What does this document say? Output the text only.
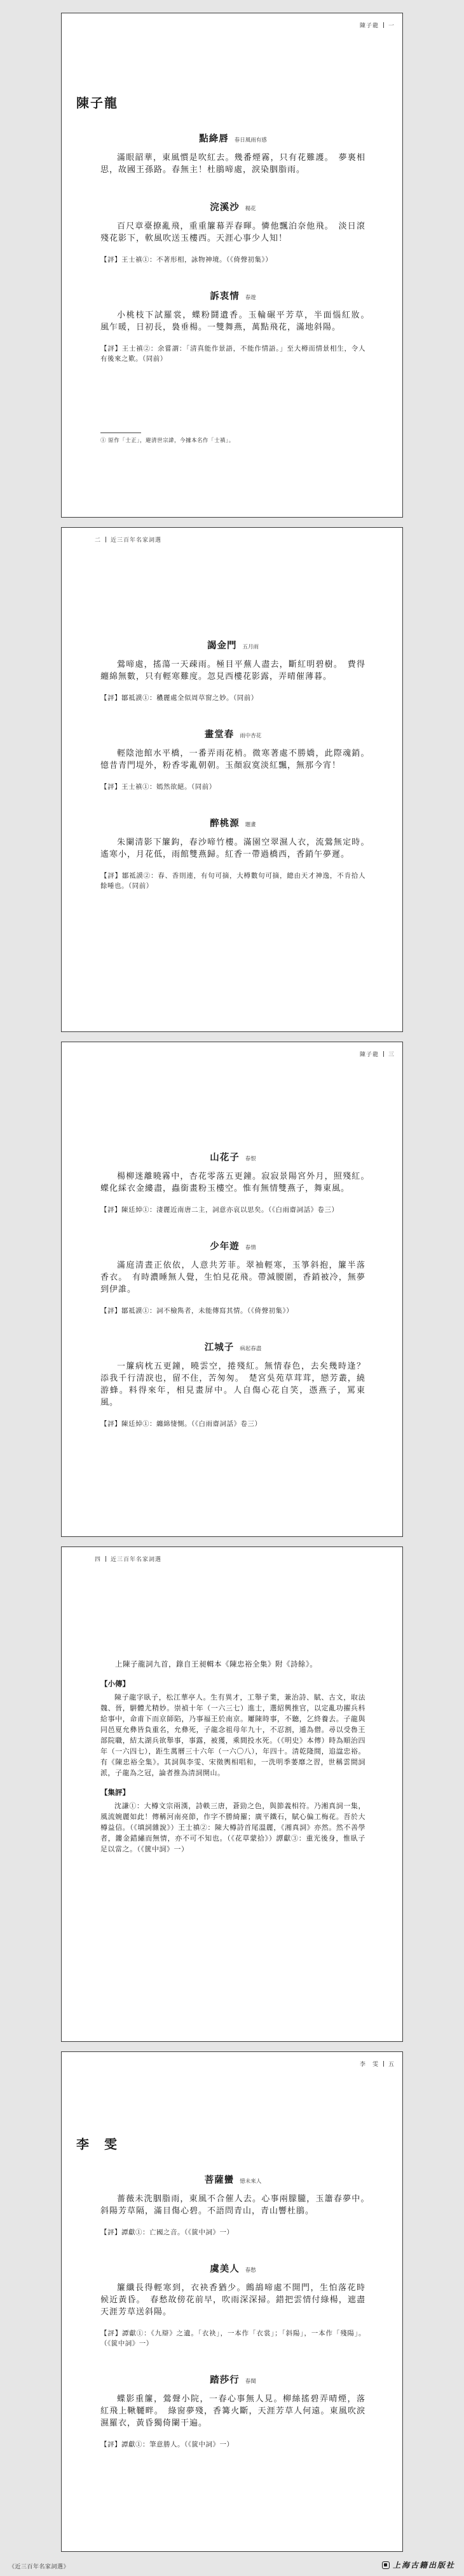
陳子龍 一
陳子龍
點絳唇 春日風雨有感

滿眼韶華，東風慣是吹紅去。幾番煙霧，只有花難護。　夢裏相思，故國王孫路。春無主！杜鵑啼處，淚染胭脂雨。

浣溪沙 楊花

百尺章臺撩亂飛，重重簾幕弄春暉。憐他飄泊奈他飛。　淡日滾殘花影下，軟風吹送玉樓西。天涯心事少人知！

【評】王士禛①：不著形相，詠物神境。（《倚聲初集》）

訴衷情 春遊

小桃枝下試羅裳，蝶粉鬪遺香。玉輪碾平芳草，半面惱紅妝。　風乍暖，日初長，裊垂楊。一雙舞燕，萬點飛花，滿地斜陽。

【評】王士禛②：余嘗謂：「清真能作景語，不能作情語。」至大樽而情景相生，令人有後來之歎。（同前）

① 原作「士正」，避清世宗諱，今據本名作「士禛」。
二 近三百年名家詞選
謁金門 五月雨

鶯啼處，搖蕩一天疎雨。極目平蕪人盡去，斷紅明碧樹。　費得纏綿無數，只有輕寒難度。忽見西樓花影露，弄晴催薄暮。

【評】鄒祗謨①：穠麗處全似周草窗之妙。（同前）

畫堂春 雨中杏花

輕陰池館水平橋，一番弄雨花梢。微寒著處不勝嬌，此際魂銷。　憶昔青門堤外，粉香零亂朝朝。玉顏寂寞淡紅飄，無那今宵！

【評】王士禛①：嫣然欲絕。（同前）

醉桃源 題畫

朱闌清影下簾鈎，春沙啼竹樓。滿園空翠濕人衣，流鶯無定時。　遙寒小，月花低，雨館雙燕歸。紅香一帶過橋西，香銷午夢遲。

【評】鄒祗謨②：春、香則連，有句可摘，大樽數句可摘，總由天才神逸，不肯拾人餘唾也。（同前）

陳子龍 三
山花子 春恨

楊柳迷離曉霧中，杏花零落五更鐘。寂寂景陽宮外月，照殘紅。　蝶化綵衣金縷盡，蟲銜畫粉玉樓空。惟有無情雙燕子，舞東風。

【評】陳廷焯①：淒麗近南唐二主，詞意亦哀以思矣。（《白雨齋詞話》卷三）

少年遊 春情

滿庭清晝正依依，人意共芳菲。翠袖輕寒，玉箏斜抱，簾半落香衣。　有時濃睡無人覺，生怕見花飛。帶減腰圍，香銷被冷，無夢到伊誰。

【評】鄒祗謨①：詞不檢雋者，未能傳寫其情。（《倚聲初集》）

江城子 病起春盡

一簾病枕五更鐘，曉雲空，捲殘紅。無情春色，去矣幾時逢？添我千行清淚也，留不住，苦匆匆。　楚宮吳苑草茸茸，戀芳叢，繞游蜂。料得來年，相見畫屏中。人自傷心花自笑，憑燕子，罵東風。

【評】陳廷焯①：纏綿悽惻。（《白雨齋詞話》卷三）

四 近三百年名家詞選

上陳子龍詞九首，錄自王昶輯本《陳忠裕全集》附《詩餘》。

【小傳】

陳子龍字臥子，松江華亭人。生有異才，工舉子業，兼治詩、賦、古文，取法魏、晉，騈體尤精妙。崇禎十年（一六三七）進士，選紹興推官，以定亂功擢兵科給事中，命甫下而京師陷，乃事福王於南京。屢陳時事，不聽，乞終養去。子龍與同邑夏允彝皆負重名，允彝死，子龍念祖母年九十，不忍割，遁為僧。尋以受魯王部院職，結太湖兵欲舉事，事露，被獲，乘間投水死。（《明史》本傳）時為順治四年（一六四七），距生萬曆三十六年（一六〇八），年四十。清乾隆間，追諡忠裕。有《陳忠裕全集》。其詞與李雯、宋徵輿相唱和，一洗明季萎靡之習，世稱雲間詞派，子龍為之冠，論者推為清詞開山。

【集評】

沈謙①：大樽文宗兩漢，詩軼三唐，蒼勁之色，與節義相符。乃湘真詞一集，風流婉麗如此！傳稱河南亮節，作字不勝綺羅；廣平鐵石，賦心偏工梅花。吾於大樽益信。（《填詞雜說》）王士禛②：陳大樽詩首尾溫麗，《湘真詞》亦然。然不善學者，鏤金錯繡而無情，亦不可不知也。（《花草蒙拾》）譚獻③：重光後身，惟臥子足以當之。（《篋中詞》一）

李　雯 五
李　雯
菩薩蠻 憶未來人

薔薇未洗胭脂雨，東風不合催人去。心事兩朦朧，玉簫春夢中。　斜陽芳草隔，滿目傷心碧。不語問青山，青山響杜鵑。

【評】譚獻①：亡國之音。（《篋中詞》一）

虞美人 春愁

簾纖長得輕寒到，衣袂香猶少。鷓鴣啼處不開門，生怕落花時候近黃昏。　春愁故傍花前早，吹雨深深掃。錯把雲情付綠楊，遮盡天涯芳草送斜陽。

【評】譚獻①：《九辯》之遺。「衣袂」，一本作「衣裳」；「斜陽」，一本作「殘陽」。（《篋中詞》一）

踏莎行 春閨

蝶影重簾，鶯聲小院，一春心事無人見。柳絲搖碧弄晴煙，落紅飛上鞦韆畔。　綠窗夢殘，香篝火斷，天涯芳草人何遠。東風吹淚濕羅衣，黃昏獨倚闌干遍。

【評】譚獻①：筆意勝人。（《篋中詞》一）

《近三百年名家詞選》	上海古籍出版社
